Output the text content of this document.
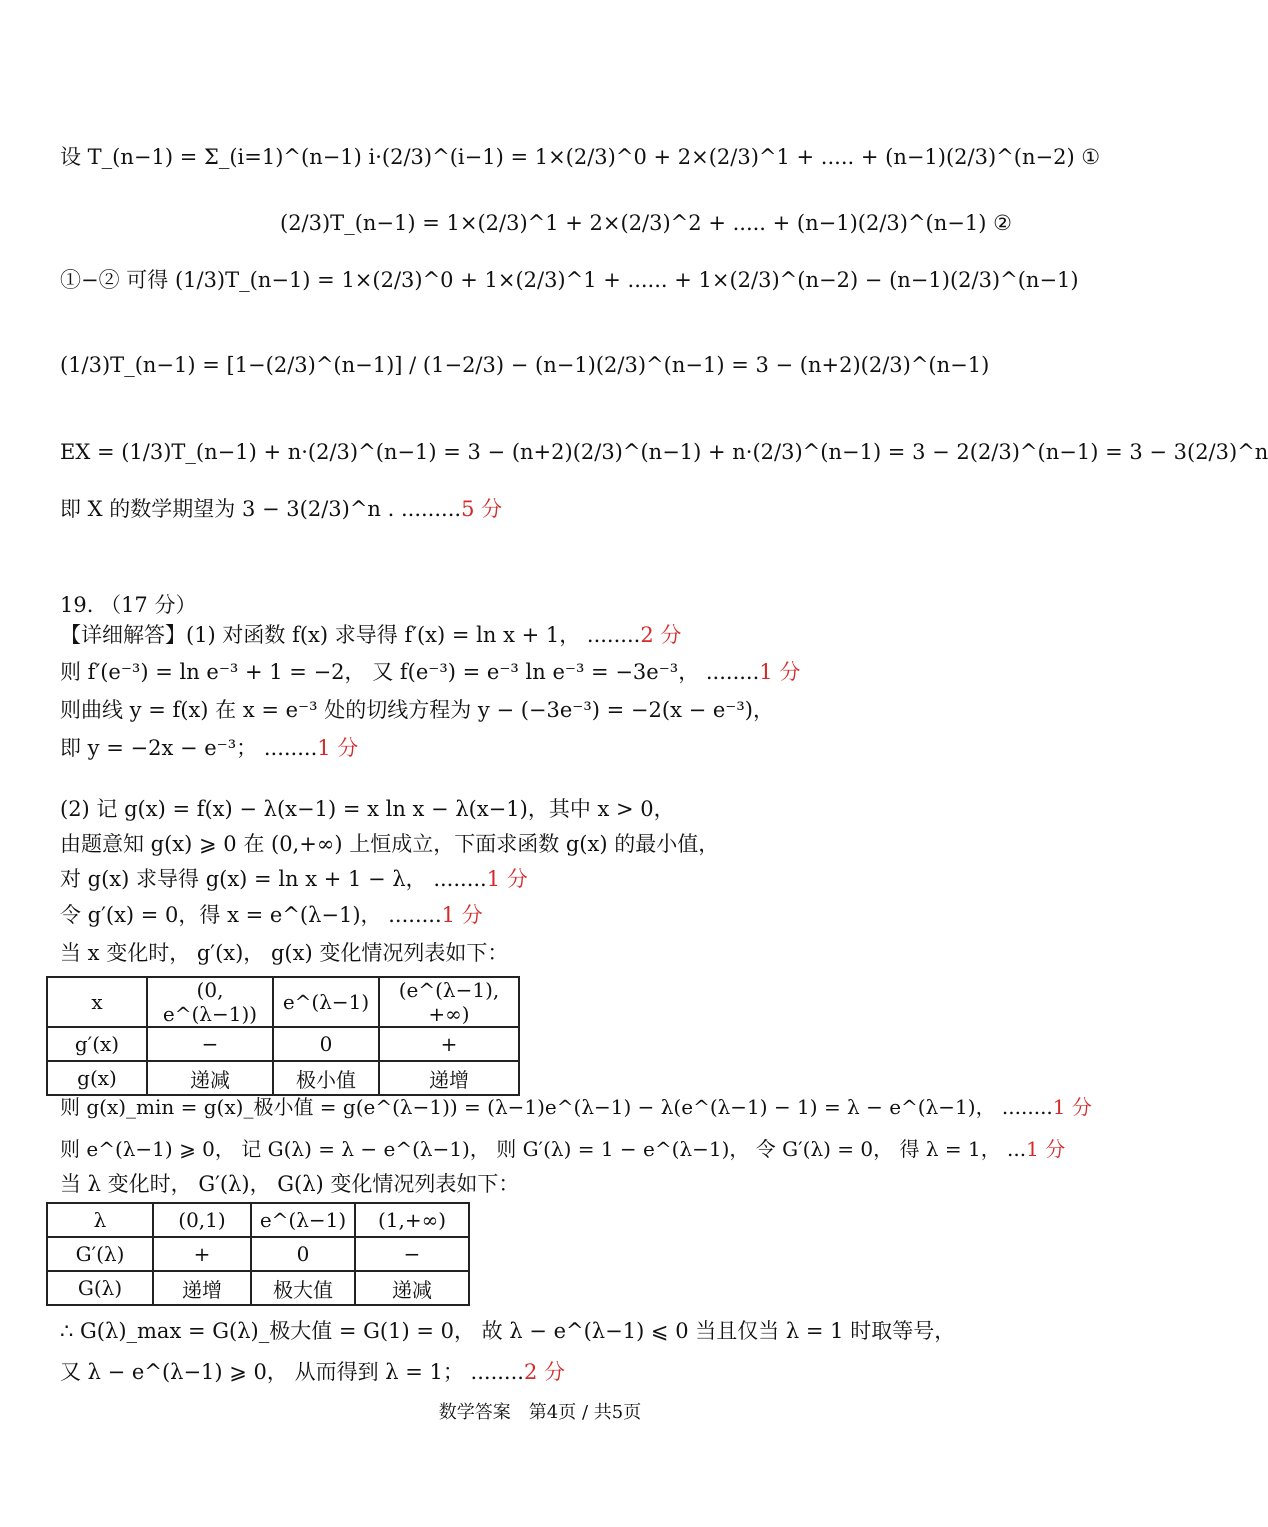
设 T_(n−1) = Σ_(i=1)^(n−1) i·(2/3)^(i−1) = 1×(2/3)^0 + 2×(2/3)^1 + ..... + (n−1)(2/3)^(n−2) ①
(2/3)T_(n−1) = 1×(2/3)^1 + 2×(2/3)^2 + ..... + (n−1)(2/3)^(n−1) ②
①−② 可得 (1/3)T_(n−1) = 1×(2/3)^0 + 1×(2/3)^1 + ...... + 1×(2/3)^(n−2) − (n−1)(2/3)^(n−1)
(1/3)T_(n−1) = [1−(2/3)^(n−1)] / (1−2/3) − (n−1)(2/3)^(n−1) = 3 − (n+2)(2/3)^(n−1)
EX = (1/3)T_(n−1) + n·(2/3)^(n−1) = 3 − (n+2)(2/3)^(n−1) + n·(2/3)^(n−1) = 3 − 2(2/3)^(n−1) = 3 − 3(2/3)^n
即 X 的数学期望为 3 − 3(2/3)^n . .........5 分
19. （17 分）
【详细解答】(1) 对函数 f(x) 求导得 f′(x) = ln x + 1， ........2 分
则 f′(e⁻³) = ln e⁻³ + 1 = −2， 又 f(e⁻³) = e⁻³ ln e⁻³ = −3e⁻³， ........1 分
则曲线 y = f(x) 在 x = e⁻³ 处的切线方程为 y − (−3e⁻³) = −2(x − e⁻³)，
即 y = −2x − e⁻³； ........1 分
(2) 记 g(x) = f(x) − λ(x−1) = x ln x − λ(x−1)，其中 x > 0，
由题意知 g(x) ⩾ 0 在 (0,+∞) 上恒成立，下面求函数 g(x) 的最小值，
对 g(x) 求导得 g(x) = ln x + 1 − λ， ........1 分
令 g′(x) = 0，得 x = e^(λ−1)， ........1 分
当 x 变化时， g′(x)， g(x) 变化情况列表如下：
x	(0, e^(λ−1))	e^(λ−1)	(e^(λ−1), +∞)
g′(x)	−	0	+
g(x)	递减	极小值	递增
则 g(x)_min = g(x)_极小值 = g(e^(λ−1)) = (λ−1)e^(λ−1) − λ(e^(λ−1) − 1) = λ − e^(λ−1)， ........1 分
则 e^(λ−1) ⩾ 0， 记 G(λ) = λ − e^(λ−1)， 则 G′(λ) = 1 − e^(λ−1)， 令 G′(λ) = 0， 得 λ = 1， ...1 分
当 λ 变化时， G′(λ)， G(λ) 变化情况列表如下：
λ	(0,1)	e^(λ−1)	(1,+∞)
G′(λ)	+	0	−
G(λ)	递增	极大值	递减
∴ G(λ)_max = G(λ)_极大值 = G(1) = 0， 故 λ − e^(λ−1) ⩽ 0 当且仅当 λ = 1 时取等号，
又 λ − e^(λ−1) ⩾ 0， 从而得到 λ = 1； ........2 分
数学答案　第4页 / 共5页
